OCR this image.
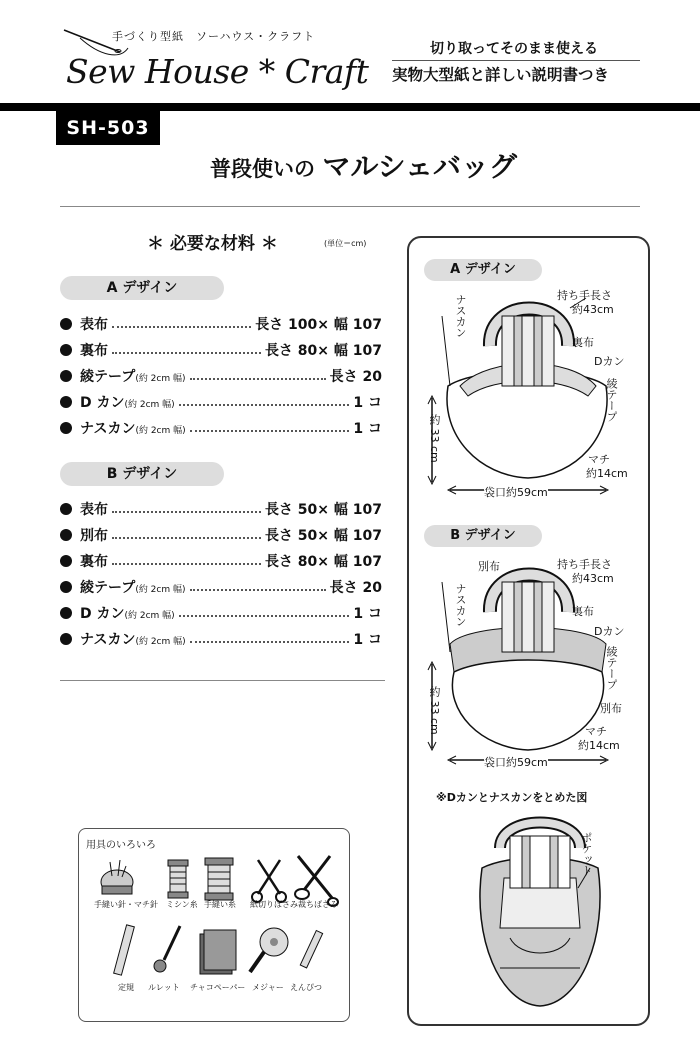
手づくり型紙　ソーハウス・クラフト
Sew House * Craft
切り取ってそのまま使える
実物大型紙と詳しい説明書つき
SH-503
普段使いの マルシェバッグ
＊ 必要な材料 ＊	(単位＝cm)
A デザイン
表布	長さ 100× 幅 107
裏布	長さ 80× 幅 107
綾テープ(約 2cm 幅)	長さ 20
D カン(約 2cm 幅)	1 コ
ナスカン(約 2cm 幅)	1 コ
B デザイン
表布	長さ 50× 幅 107
別布	長さ 50× 幅 107
裏布	長さ 80× 幅 107
綾テープ(約 2cm 幅)	長さ 20
D カン(約 2cm 幅)	1 コ
ナスカン(約 2cm 幅)	1 コ
用具のいろいろ
手縫い針・マチ針 ミシン糸 手縫い糸 紙切りばさみ 裁ちばさみ
定規 ルレット チャコペーパー メジャー えんぴつ
A デザイン
持ち手長さ
約43cm
ナスカン
裏布
Dカン
綾テープ
約 33 cm	マチ
約14cm
袋口約59cm
B デザイン
別布	持ち手長さ
約43cm
ナスカン	裏布
Dカン
綾テープ
別布
約 33 cm	マチ
約14cm
袋口約59cm
※Dカンとナスカンをとめた図
ポケット
